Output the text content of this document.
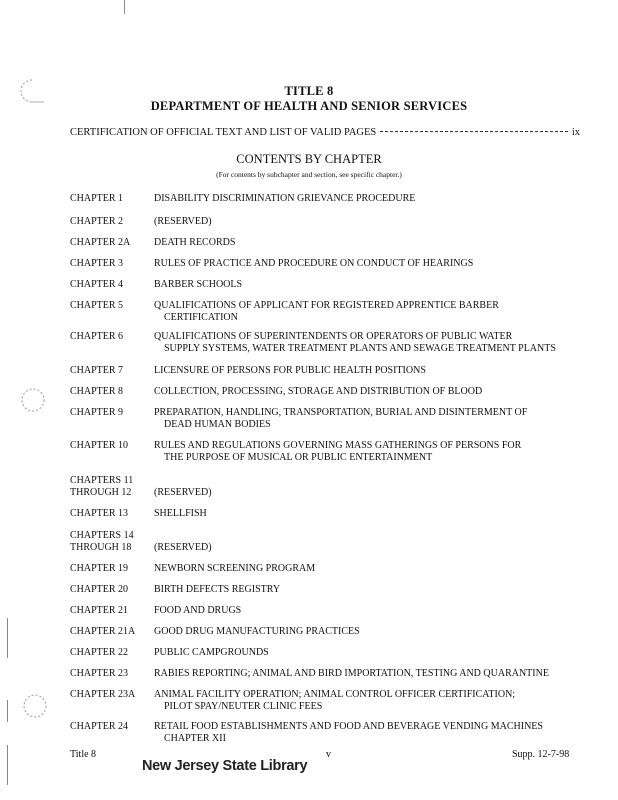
TITLE 8
DEPARTMENT OF HEALTH AND SENIOR SERVICES
CERTIFICATION OF OFFICIAL TEXT AND LIST OF VALID PAGES	ix
CONTENTS BY CHAPTER
(For contents by subchapter and section, see specific chapter.)
CHAPTER 1	DISABILITY DISCRIMINATION GRIEVANCE PROCEDURE
CHAPTER 2	(RESERVED)
CHAPTER 2A	DEATH RECORDS
CHAPTER 3	RULES OF PRACTICE AND PROCEDURE ON CONDUCT OF HEARINGS
CHAPTER 4	BARBER SCHOOLS
CHAPTER 5	QUALIFICATIONS OF APPLICANT FOR REGISTERED APPRENTICE BARBER
CERTIFICATION
CHAPTER 6	QUALIFICATIONS OF SUPERINTENDENTS OR OPERATORS OF PUBLIC WATER
SUPPLY SYSTEMS, WATER TREATMENT PLANTS AND SEWAGE TREATMENT PLANTS
CHAPTER 7	LICENSURE OF PERSONS FOR PUBLIC HEALTH POSITIONS
CHAPTER 8	COLLECTION, PROCESSING, STORAGE AND DISTRIBUTION OF BLOOD
CHAPTER 9	PREPARATION, HANDLING, TRANSPORTATION, BURIAL AND DISINTERMENT OF
DEAD HUMAN BODIES
CHAPTER 10	RULES AND REGULATIONS GOVERNING MASS GATHERINGS OF PERSONS FOR
THE PURPOSE OF MUSICAL OR PUBLIC ENTERTAINMENT
CHAPTERS 11
THROUGH 12	(RESERVED)
CHAPTER 13	SHELLFISH
CHAPTERS 14
THROUGH 18	(RESERVED)
CHAPTER 19	NEWBORN SCREENING PROGRAM
CHAPTER 20	BIRTH DEFECTS REGISTRY
CHAPTER 21	FOOD AND DRUGS
CHAPTER 21A	GOOD DRUG MANUFACTURING PRACTICES
CHAPTER 22	PUBLIC CAMPGROUNDS
CHAPTER 23	RABIES REPORTING; ANIMAL AND BIRD IMPORTATION, TESTING AND QUARANTINE
CHAPTER 23A	ANIMAL FACILITY OPERATION; ANIMAL CONTROL OFFICER CERTIFICATION;
PILOT SPAY/NEUTER CLINIC FEES
CHAPTER 24	RETAIL FOOD ESTABLISHMENTS AND FOOD AND BEVERAGE VENDING MACHINES
CHAPTER XII
Title 8	v	Supp. 12-7-98
New Jersey State Library
